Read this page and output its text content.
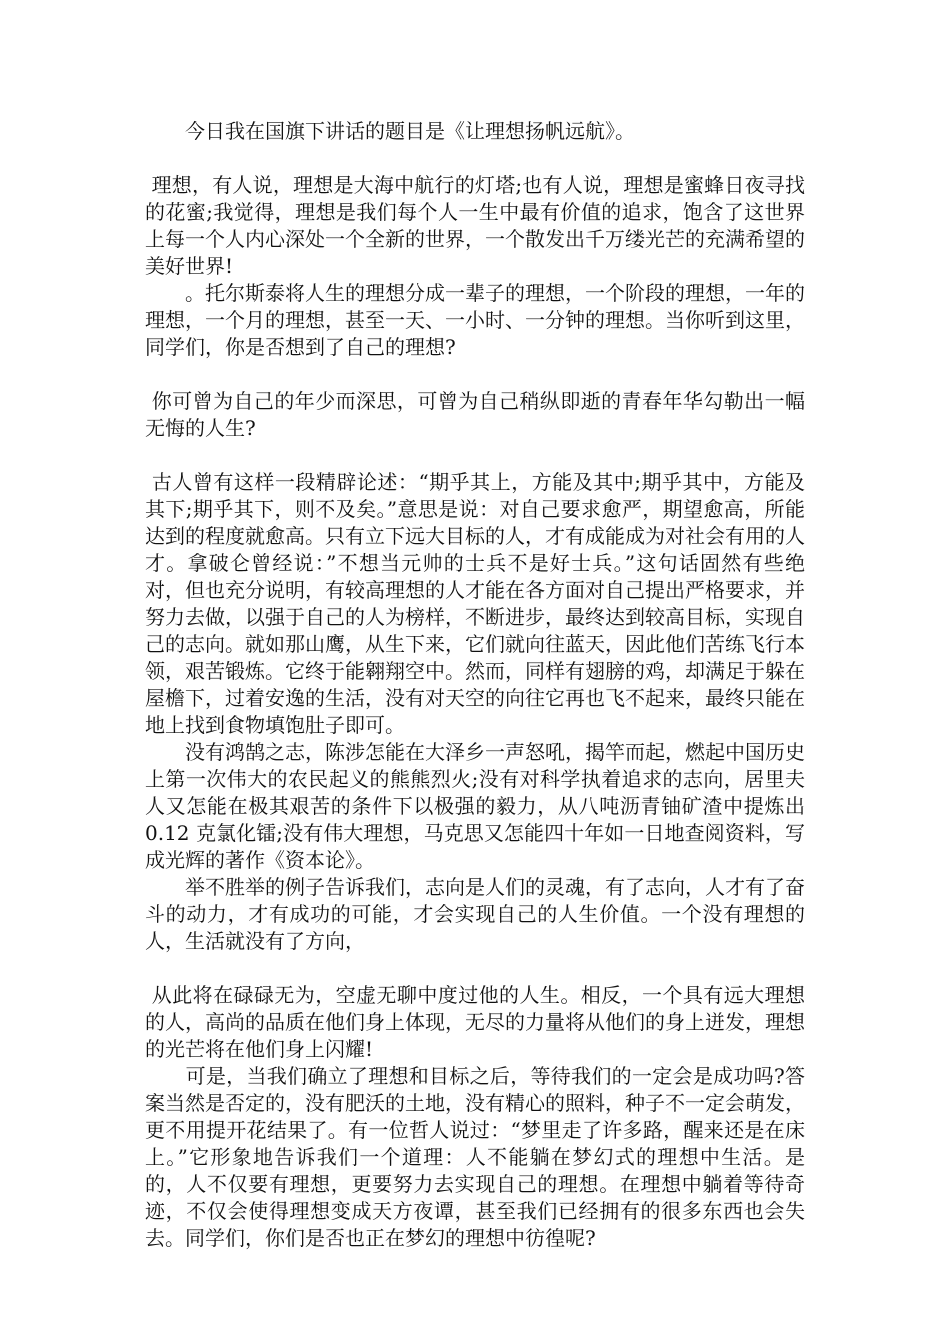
　　今日我在国旗下讲话的题目是《让理想扬帆远航》。

理想，有人说，理想是大海中航行的灯塔;也有人说，理想是蜜蜂日夜寻找的花蜜;我觉得，理想是我们每个人一生中最有价值的追求，饱含了这世界上每一个人内心深处一个全新的世界，一个散发出千万缕光芒的充满希望的美好世界!

　　。托尔斯泰将人生的理想分成一辈子的理想，一个阶段的理想，一年的理想，一个月的理想，甚至一天、一小时、一分钟的理想。当你听到这里，同学们，你是否想到了自己的理想?

你可曾为自己的年少而深思，可曾为自己稍纵即逝的青春年华勾勒出一幅无悔的人生?

古人曾有这样一段精辟论述：“期乎其上，方能及其中;期乎其中，方能及其下;期乎其下，则不及矣。”意思是说：对自己要求愈严，期望愈高，所能达到的程度就愈高。只有立下远大目标的人，才有成能成为对社会有用的人才。拿破仑曾经说：”不想当元帅的士兵不是好士兵。”这句话固然有些绝对，但也充分说明，有较高理想的人才能在各方面对自己提出严格要求，并努力去做，以强于自己的人为榜样，不断进步，最终达到较高目标，实现自己的志向。就如那山鹰，从生下来，它们就向往蓝天，因此他们苦练飞行本领，艰苦锻炼。它终于能翱翔空中。然而，同样有翅膀的鸡，却满足于躲在屋檐下，过着安逸的生活，没有对天空的向往它再也飞不起来，最终只能在地上找到食物填饱肚子即可。

　　没有鸿鹄之志，陈涉怎能在大泽乡一声怒吼，揭竿而起，燃起中国历史上第一次伟大的农民起义的熊熊烈火;没有对科学执着追求的志向，居里夫人又怎能在极其艰苦的条件下以极强的毅力，从八吨沥青铀矿渣中提炼出 0.12 克氯化镭;没有伟大理想，马克思又怎能四十年如一日地查阅资料，写成光辉的著作《资本论》。

　　举不胜举的例子告诉我们，志向是人们的灵魂，有了志向，人才有了奋斗的动力，才有成功的可能，才会实现自己的人生价值。一个没有理想的人，生活就没有了方向，

从此将在碌碌无为，空虚无聊中度过他的人生。相反，一个具有远大理想的人，高尚的品质在他们身上体现，无尽的力量将从他们的身上迸发，理想的光芒将在他们身上闪耀!

　　可是，当我们确立了理想和目标之后，等待我们的一定会是成功吗?答案当然是否定的，没有肥沃的土地，没有精心的照料，种子不一定会萌发，更不用提开花结果了。有一位哲人说过：“梦里走了许多路，醒来还是在床上。”它形象地告诉我们一个道理：人不能躺在梦幻式的理想中生活。是的，人不仅要有理想，更要努力去实现自己的理想。在理想中躺着等待奇迹，不仅会使得理想变成天方夜谭，甚至我们已经拥有的很多东西也会失去。同学们，你们是否也正在梦幻的理想中彷徨呢?
